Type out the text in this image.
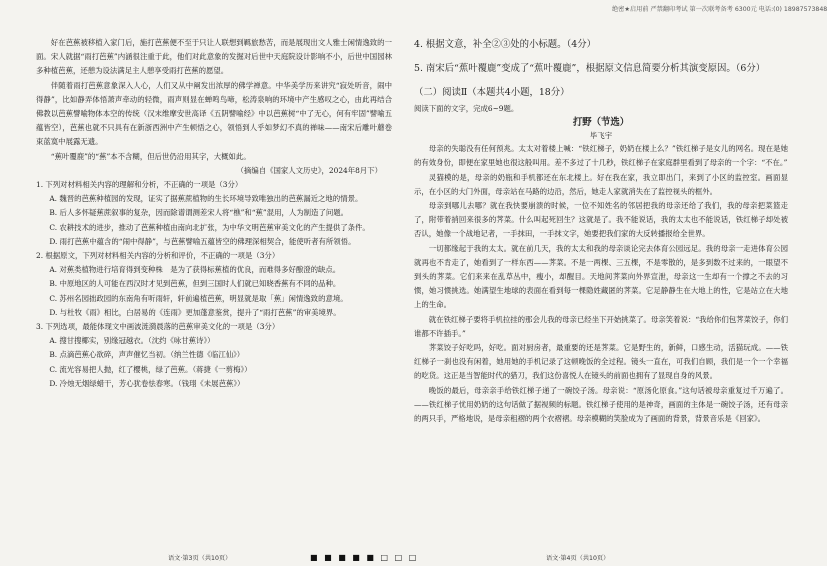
绝密★启用前 严禁翻印考试 第一次联考备考 6300元 电话:(0) 18987573848

好在芭蕉被移植入家门后，施打芭蕉便不至于只让人联想到羁旅愁苦，而是展现出文人雅士闲情逸致的一面。宋人就据“雨打芭蕉”内涵很注重于此，他们对此意象的发掘对后世中天庭院设计影响不小，后世中国园林多种植芭蕉，还憩为设法满足主人憩享受雨打芭蕉的愿望。

伴随着雨打芭蕉意象深入人心，人们又从中阐发出浓厚的佛学禅意。中华美学历来讲究“寂处听音，闹中得静”，比如静弄体悟萧声牵动的轻微，雨声则显在蝉鸣鸟啼，松涛泉响的环境中产生感叹之心，由此再结合佛教以芭蕉譬喻物体本空的传统（汉末维摩安世高译《五阴譬喻经》中以芭蕉树“中了无心，何有牢固”譬喻五蕴皆空），芭蕉也就不只具有在新浙西洲中产生顿悟之心，领悟到人乎如梦幻不真的禅味——南宋后雕叶蘑卷束蓝寞中展露无遗。

“蕉叶覆鹿”的“蕉”本不含糊，但后世仍沿用其字，大概如此。

（摘编自《国家人文历史》，2024年8月下）

1. 下列对材料相关内容的理解和分析，不正确的一项是（3分）

A. 魏晋的芭蕉种植园的发现，证实了据蕉蔗植物的生长环境导致唯独出的芭蕉漏近之地的情景。

B. 后人多怀疑蕉蔗叙事的复杂，因而除谱谓测差宋人将“樵”和“蕉”混用，人为制造了问题。

C. 农耕技术的进步，推动了芭蕉种植由南向北扩张，为中华文明芭蕉审美文化的产生提供了条件。

D. 雨打芭蕉中蕴含的“闹中得静”，与芭蕉譬喻五蕴皆空的佛理深相契合，能使听者有所领悟。

2. 根据原文，下列对材料相关内容的分析和评价，不正确的一项是（3分）

A. 对蕉类植物进行培育得到变种株　是为了获得标蕉植的优良，而难得多好酿澄的缺点。

B. 中原地区的人可能在西汉时才见到芭蕉，但到三国时人们就已知晓香蕉有不同的品种。

C. 苏州名园拙政园的东南角有听雨轩，轩前遍植芭蕉，明显就是取「蕉」闲情逸致的意境。

D. 与杜牧《雨》相比，白居易的《连雨》更加蓬意鉴赏，提升了“雨打芭蕉”的审美境界。

3. 下列选项，最能体现文中画波涟漪晨落的芭蕉审美文化的一项是（3分）

A. 搜甘搜椰实，别缘冠越衣。（沈约《咏甘蕉诗》）

B. 点滴芭蕉心欲碎，声声催忆当初。（纳兰性德《临江仙》）

C. 流光容易把人抛，红了樱桃，绿了芭蕉。（蒋捷《一剪梅》）

D. 冷烛无烟绿蜡干，芳心犹卷怯春寒。（钱珝《未展芭蕉》）

4. 根据文意，补全②③处的小标题。（4分）

5. 南宋后“蕉叶覆鹿”变成了“蕉叶覆鹿”，根据原文信息简要分析其演变原因。（6分）

（二）阅读Ⅱ（本题共4小题，18分）

阅读下面的文字，完成6~9题。

打野（节选）

毕飞宇

母亲的失聪没有任何预兆。太太对着楼上喊：“铁红梯子，奶奶在楼上么？”铁红梯子是女儿的网名。现在是她的有效身份，即便在家里她也很这般叫用。差不多过了十几秒，铁红梯子在家庭群里看到了母亲的一个字：“不在。”

灵猫模的是，母亲的奶瓶和手机都还在东北楼上。好在我在家，我立即出门，来到了小区的监控室。画面显示，在小区的大门外面，母亲站在马路的边沿，然后，她走人家就消失在了监控视头的框外。

母亲到哪儿去哪？就在我快要崩溃的时候，一位不知姓名的邻居把我的母亲还给了我们，我的母亲把菜篮走了，附带着捎回来很多的荠菜。什么叫起死回生？这就是了。我不能说话，我的太太也不能说话，铁红梯子却处被否认，她像一个战地记者，一手抹田，一手抹文字，她要把我们家的大反转播报给全世界。

一切都缘起于我的太太。就在前几天，我的太太和我的母亲谈论完去体育公园远足。我的母亲一走进体育公园就再也不肯走了，她看到了一样东西——荠菜。不是一两棵、三五棵，不是零散的，是多到数不过来的，一眼望不到头的荠菜。它们来来在乱草丛中，瘦小，却醒目。天地间荠菜向外界宣泄，母亲这一生却有一个撑之不去的习惯，她习惯挑选。她满望生地球的表面在看到每一棵隐姓藏匿的荠菜。它足静静生在大地上的性，它是站立在大地上的生命。

就在铁红梯子要将手机拉挂的那会儿我的母亲已经坐下开始挑菜了。母亲笑着说：“我给你们包荠菜饺子，你们谁都不许插手。”

荠菜饺子好吃吗，好吃。面对厨房者，最重要的还是荠菜。它是野生的，新鲜，口感生动，活猫玩成。——铁红梯子一刹也没有闲着，她用她的手机记录了这顿晚饭的全过程。镜头一直在，可我们自顾，我们是一个一个幸福的吃货。这正是当智能时代的猎刀，我们这份喜悦人在镜头的前面也拥有了显现自身的风景。

晚饭的最后，母亲亲手给铁红梯子递了一碗饺子汤。母亲说：“原汤化原食。”这句话被母亲重复过千万遍了。——铁红梯子忧用奶奶的这句话做了据视频的标题。铁红梯子使用的是神奇，画面的主体是一碗饺子汤，还有母亲的两只手，严格地说，是母亲租褶的两个衣褶褶。母亲模糊的笑脸成为了画面的背景，背景音乐是《回家》。

语文·第3页（共10页）	■ ■ ■ ■ ■ □ □ □	语文·第4页（共10页）
